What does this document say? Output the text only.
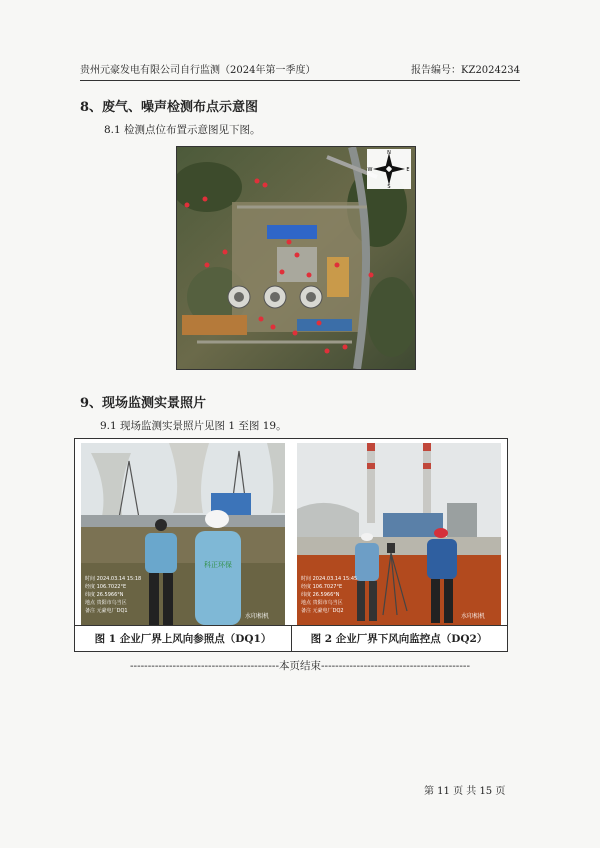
贵州元豪发电有限公司自行监测（2024年第一季度）	报告编号：KZ2024234
8、废气、噪声检测布点示意图
8.1 检测点位布置示意图见下图。
N
W	E
S
9、现场监测实景照片
9.1 现场监测实景照片见图 1 至图 19。
科正环保
时间 2024.03.14 15:18
经度 106.7022°E
纬度 26.5966°N
地点 贵阳市乌当区
备注 元豪电厂DQ1
水印相机
时间 2024.03.14 15:45
经度 106.7027°E
纬度 26.5966°N
地点 贵阳市乌当区
备注 元豪电厂DQ2
水印相机
图 1 企业厂界上风向参照点（DQ1）	图 2 企业厂界下风向监控点（DQ2）
------------------------------------------本页结束------------------------------------------
第 11 页 共 15 页
